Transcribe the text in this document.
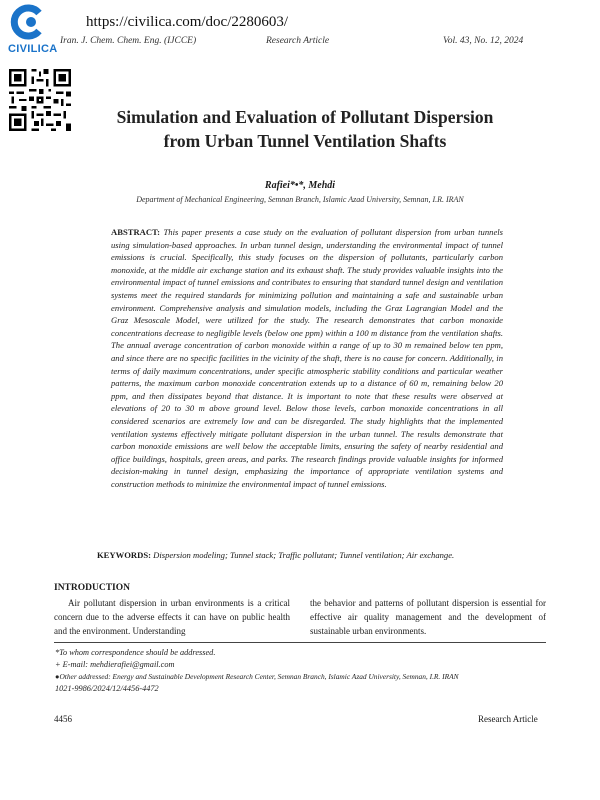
CIVILICA
https://civilica.com/doc/2280603/
Iran. J. Chem. Chem. Eng. (IJCCE)	Research Article	Vol. 43, No. 12, 2024
Simulation and Evaluation of Pollutant Dispersion
from Urban Tunnel Ventilation Shafts
Rafiei*•*, Mehdi
Department of Mechanical Engineering, Semnan Branch, Islamic Azad University, Semnan, I.R. IRAN
ABSTRACT: This paper presents a case study on the evaluation of pollutant dispersion from urban tunnels using simulation-based approaches. In urban tunnel design, understanding the environmental impact of tunnel emissions is crucial. Specifically, this study focuses on the dispersion of pollutants, particularly carbon monoxide, at the middle air exchange station and its exhaust shaft. The study provides valuable insights into the environmental impact of tunnel emissions and contributes to ensuring that standard tunnel design and ventilation systems meet the required standards for minimizing pollution and maintaining a safe and sustainable urban environment. Comprehensive analysis and simulation models, including the Graz Lagrangian Model and the Graz Mesoscale Model, were utilized for the study. The research demonstrates that carbon monoxide concentrations decrease to negligible levels (below one ppm) within a 100 m distance from the ventilation shafts. The annual average concentration of carbon monoxide within a range of up to 30 m remained below ten ppm, and since there are no specific facilities in the vicinity of the shaft, there is no cause for concern. Additionally, in terms of daily maximum concentrations, under specific atmospheric stability conditions and particular weather patterns, the maximum carbon monoxide concentration extends up to a distance of 60 m, remaining below 20 ppm, and then dissipates beyond that distance. It is important to note that these results were observed at elevations of 20 to 30 m above ground level. Below those levels, carbon monoxide concentrations in all considered scenarios are extremely low and can be disregarded. The study highlights that the implemented ventilation systems effectively mitigate pollutant dispersion in the urban tunnel. The results demonstrate that carbon monoxide emissions are well below the acceptable limits, ensuring the safety of nearby residential and office buildings, hospitals, green areas, and parks. The research findings provide valuable insights for informed decision-making in tunnel design, emphasizing the importance of appropriate ventilation systems and construction methods to minimize the environmental impact of tunnel emissions.
KEYWORDS: Dispersion modeling; Tunnel stack; Traffic pollutant; Tunnel ventilation; Air exchange.
INTRODUCTION
Air pollutant dispersion in urban environments is a critical concern due to the adverse effects it can have on public health and the environment. Understanding
the behavior and patterns of pollutant dispersion is essential for effective air quality management and the development of sustainable urban environments.
*To whom correspondence should be addressed.
+ E-mail: mehdierafiei@gmail.com
●Other addressed: Energy and Sustainable Development Research Center, Semnan Branch, Islamic Azad University, Semnan, I.R. IRAN
1021-9986/2024/12/4456-4472
4456	Research Article
